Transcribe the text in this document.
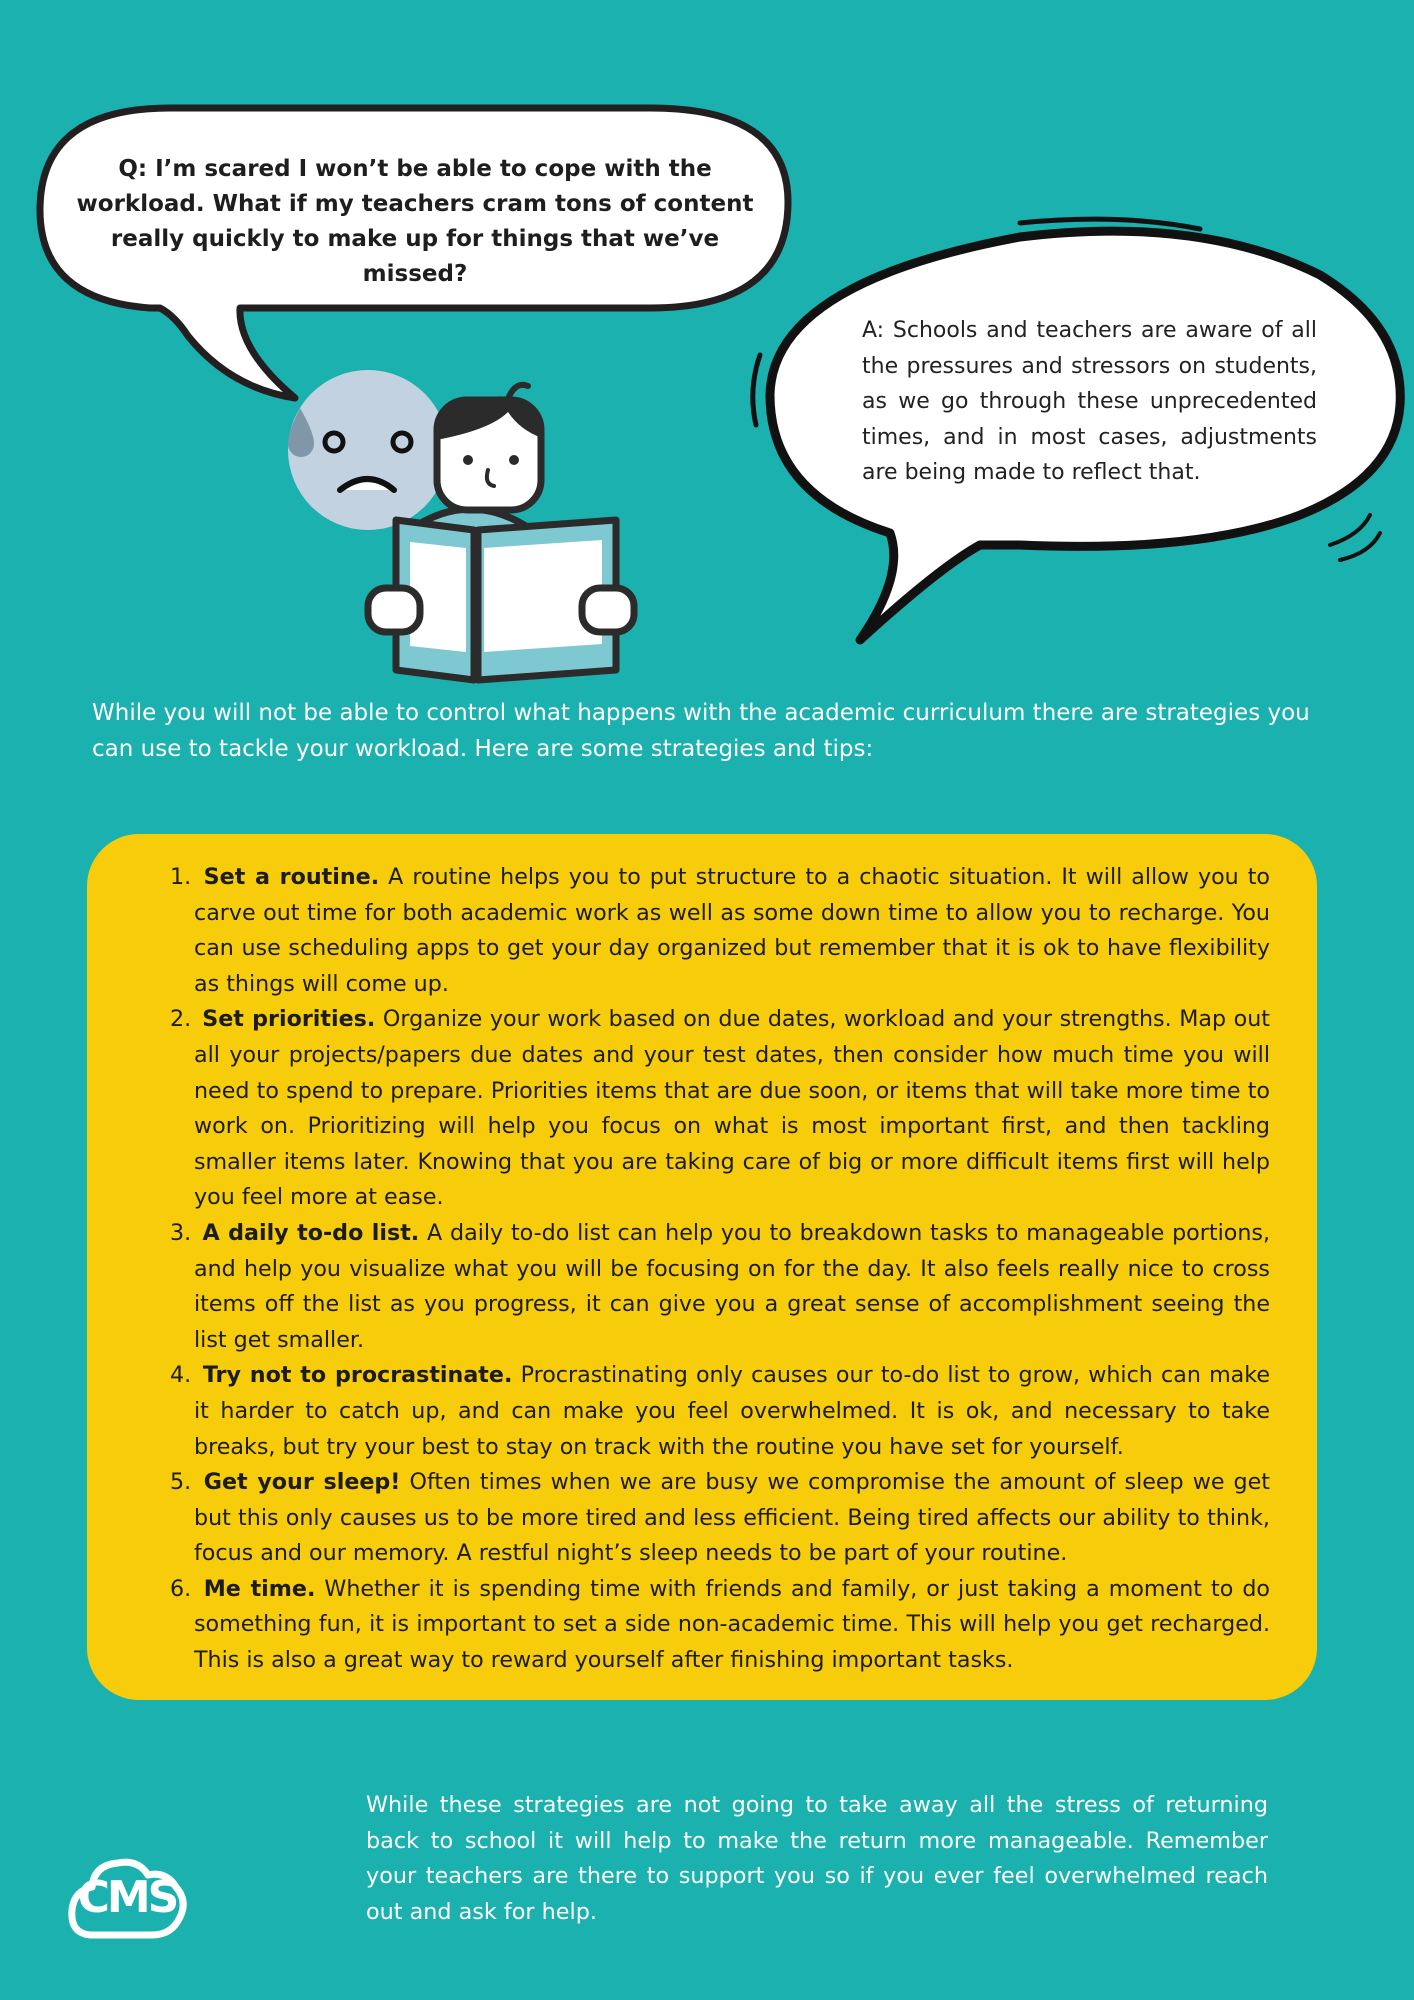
Q: I’m scared I won’t be able to cope with the workload. What if my teachers cram tons of content really quickly to make up for things that we’ve missed?
A: Schools and teachers are aware of all the pressures and stressors on students, as we go through these unprecedented times, and in most cases, adjustments are being made to reflect that.
While you will not be able to control what happens with the academic curriculum there are strategies you can use to tackle your workload. Here are some strategies and tips:
1. Set a routine. A routine helps you to put structure to a chaotic situation. It will allow you to carve out time for both academic work as well as some down time to allow you to recharge. You can use scheduling apps to get your day organized but remember that it is ok to have flexibility as things will come up.
2. Set priorities. Organize your work based on due dates, workload and your strengths. Map out all your projects/papers due dates and your test dates, then consider how much time you will need to spend to prepare. Priorities items that are due soon, or items that will take more time to work on. Prioritizing will help you focus on what is most important first, and then tackling smaller items later. Knowing that you are taking care of big or more difficult items first will help you feel more at ease.
3. A daily to-do list. A daily to-do list can help you to breakdown tasks to manageable portions, and help you visualize what you will be focusing on for the day. It also feels really nice to cross items off the list as you progress, it can give you a great sense of accomplishment seeing the list get smaller.
4. Try not to procrastinate. Procrastinating only causes our to-do list to grow, which can make it harder to catch up, and can make you feel overwhelmed. It is ok, and necessary to take breaks, but try your best to stay on track with the routine you have set for yourself.
5. Get your sleep! Often times when we are busy we compromise the amount of sleep we get but this only causes us to be more tired and less efficient. Being tired affects our ability to think, focus and our memory. A restful night’s sleep needs to be part of your routine.
6. Me time. Whether it is spending time with friends and family, or just taking a moment to do something fun, it is important to set a side non-academic time. This will help you get recharged. This is also a great way to reward yourself after finishing important tasks.
While these strategies are not going to take away all the stress of returning back to school it will help to make the return more manageable. Remember your teachers are there to support you so if you ever feel overwhelmed reach out and ask for help.
CMS
